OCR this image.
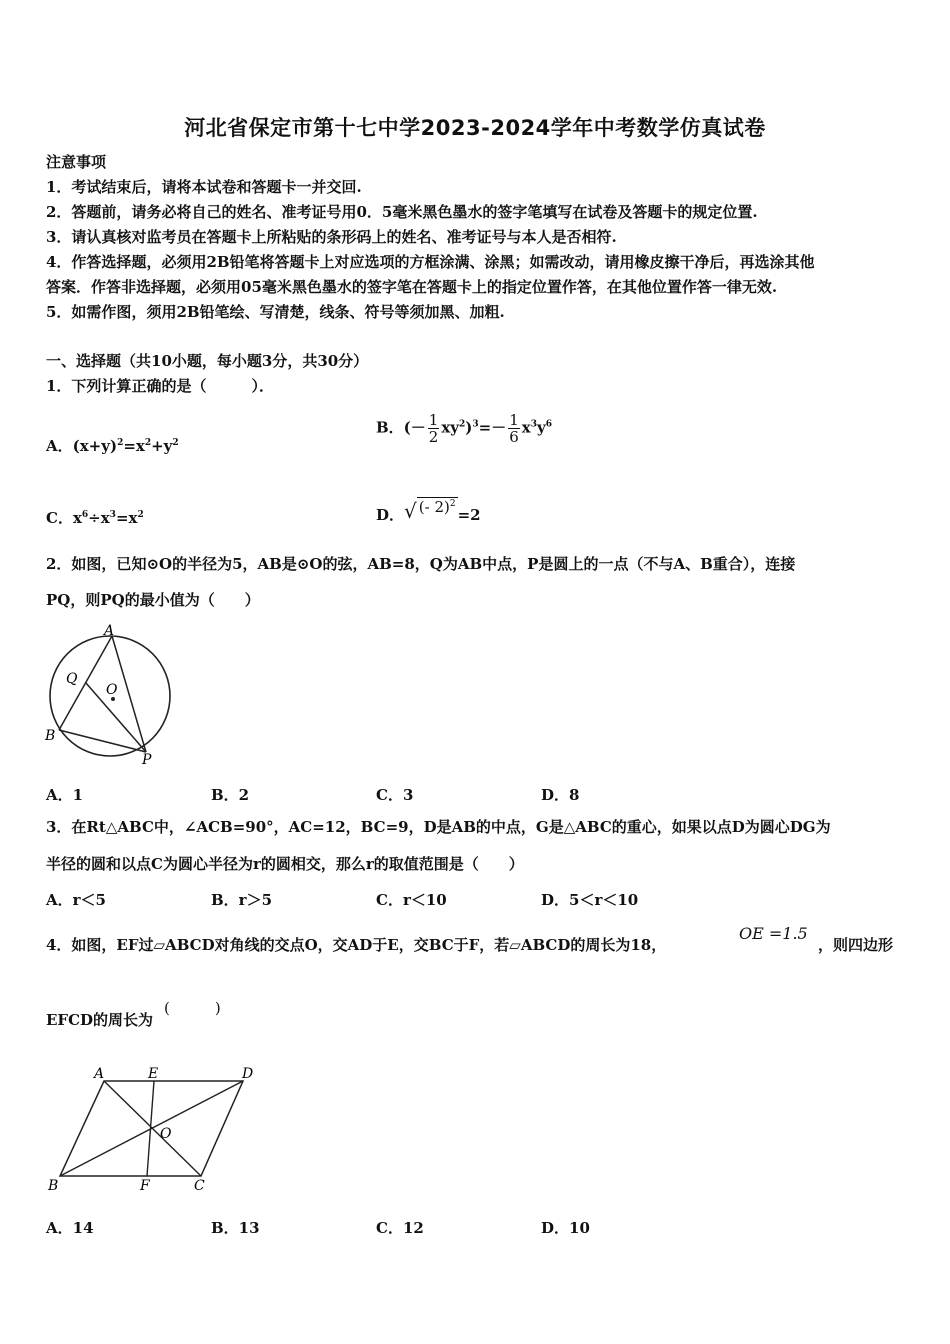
河北省保定市第十七中学2023-2024学年中考数学仿真试卷
注意事项
1．考试结束后，请将本试卷和答题卡一并交回.
2．答题前，请务必将自己的姓名、准考证号用0．5毫米黑色墨水的签字笔填写在试卷及答题卡的规定位置.
3．请认真核对监考员在答题卡上所粘贴的条形码上的姓名、准考证号与本人是否相符.
4．作答选择题，必须用2B铅笔将答题卡上对应选项的方框涂满、涂黑；如需改动，请用橡皮擦干净后，再选涂其他
答案．作答非选择题，必须用05毫米黑色墨水的签字笔在答题卡上的指定位置作答，在其他位置作答一律无效.
5．如需作图，须用2B铅笔绘、写清楚，线条、符号等须加黑、加粗.
一、选择题（共10小题，每小题3分，共30分）
1．下列计算正确的是（　　　）．
A．$(x+y)^2=x^2+y^2$
B．(－ $\frac{1}{2} xy^2)^3=- \frac{1}{6} x^3y^6$
C．$x^6\div x^3=x^2$	D．√ (- 2)$^2$=2
2．如图，已知⊙O的半径为5，AB是⊙O的弦，AB=8，Q为AB中点，P是圆上的一点（不与A、B重合），连接
PQ，则PQ的最小值为（　　）
A
Q
O
B
P
A．1	B．2	C．3	D．8
3．在Rt△ABC中，∠ACB=90°，AC=12，BC=9，D是AB的中点，G是△ABC的重心，如果以点D为圆心DG为
半径的圆和以点C为圆心半径为r的圆相交，那么r的取值范围是（　　）
A．r＜5	B．r＞5	C．r＜10	D．5＜r＜10
4．如图，EF过▱ABCD对角线的交点O，交AD于E，交BC于F，若▱ABCD的周长为18，
OE =1.5
，则四边形
EFCD的周长为
(　　　)
A	E	D
O
B	F	C
A．14	B．13	C．12	D．10
